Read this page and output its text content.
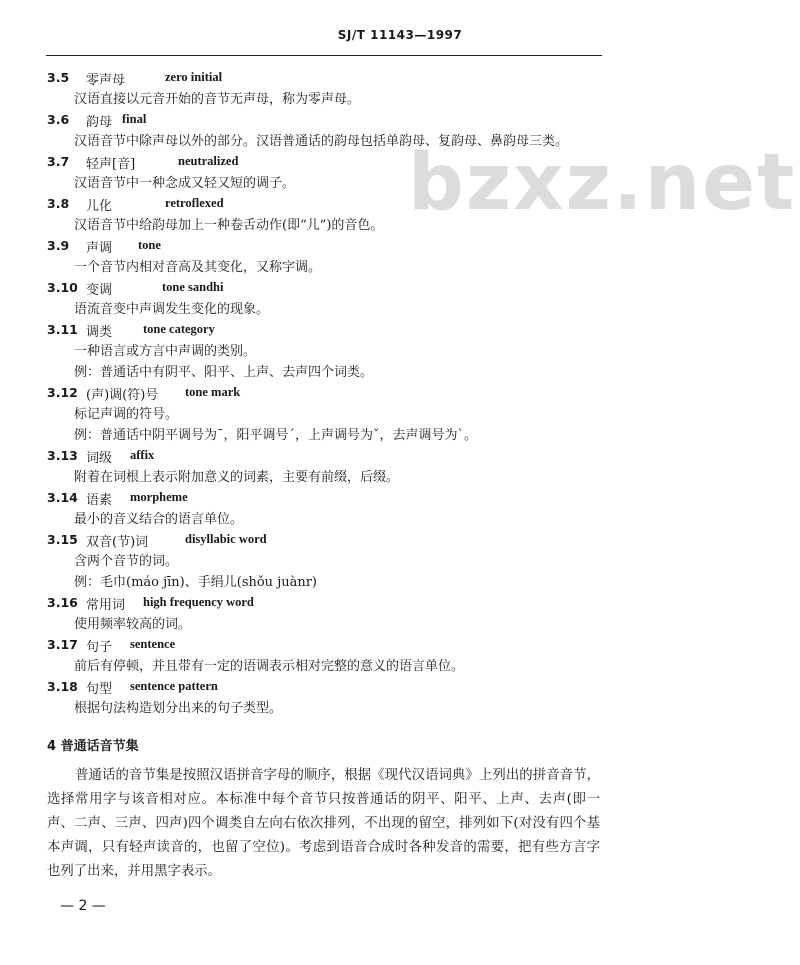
SJ/T 11143—1997
bzxz.net
3.5 零声母	zero initial
汉语直接以元音开始的音节无声母，称为零声母。
3.6 韵母 final
汉语音节中除声母以外的部分。汉语普通话的韵母包括单韵母、复韵母、鼻韵母三类。
3.7 轻声[音]	neutralized
汉语音节中一种念成又轻又短的调子。
3.8 儿化	retroflexed
汉语音节中给韵母加上一种卷舌动作(即“儿”)的音色。
3.9 声调 tone
一个音节内相对音高及其变化，又称字调。
3.10 变调	tone sandhi
语流音变中声调发生变化的现象。
3.11 调类 tone category
一种语言或方言中声调的类别。
例：普通话中有阴平、阳平、上声、去声四个词类。
3.12 (声)调(符)号 tone mark
标记声调的符号。
例：普通话中阴平调号为ˉ，阳平调号ˊ，上声调号为ˇ，去声调号为ˋ。
3.13 词级 affix
附着在词根上表示附加意义的词素，主要有前缀，后缀。
3.14 语素 morpheme
最小的音义结合的语言单位。
3.15 双音(节)词	disyllabic word
含两个音节的词。
例：毛巾(máo jīn)、手绢儿(shǒu juànr)
3.16 常用词 high frequency word
使用频率较高的词。
3.17 句子 sentence
前后有停顿，并且带有一定的语调表示相对完整的意义的语言单位。
3.18 句型 sentence pattern
根据句法构造划分出来的句子类型。
4 普通话音节集
普通话的音节集是按照汉语拼音字母的顺序，根据《现代汉语词典》上列出的拼音音节，选择常用字与该音相对应。本标准中每个音节只按普通话的阴平、阳平、上声、去声(即一声、二声、三声、四声)四个调类自左向右依次排列，不出现的留空，排列如下(对没有四个基本声调，只有轻声读音的，也留了空位)。考虑到语音合成时各种发音的需要，把有些方言字也列了出来，并用黑字表示。
— 2 —
